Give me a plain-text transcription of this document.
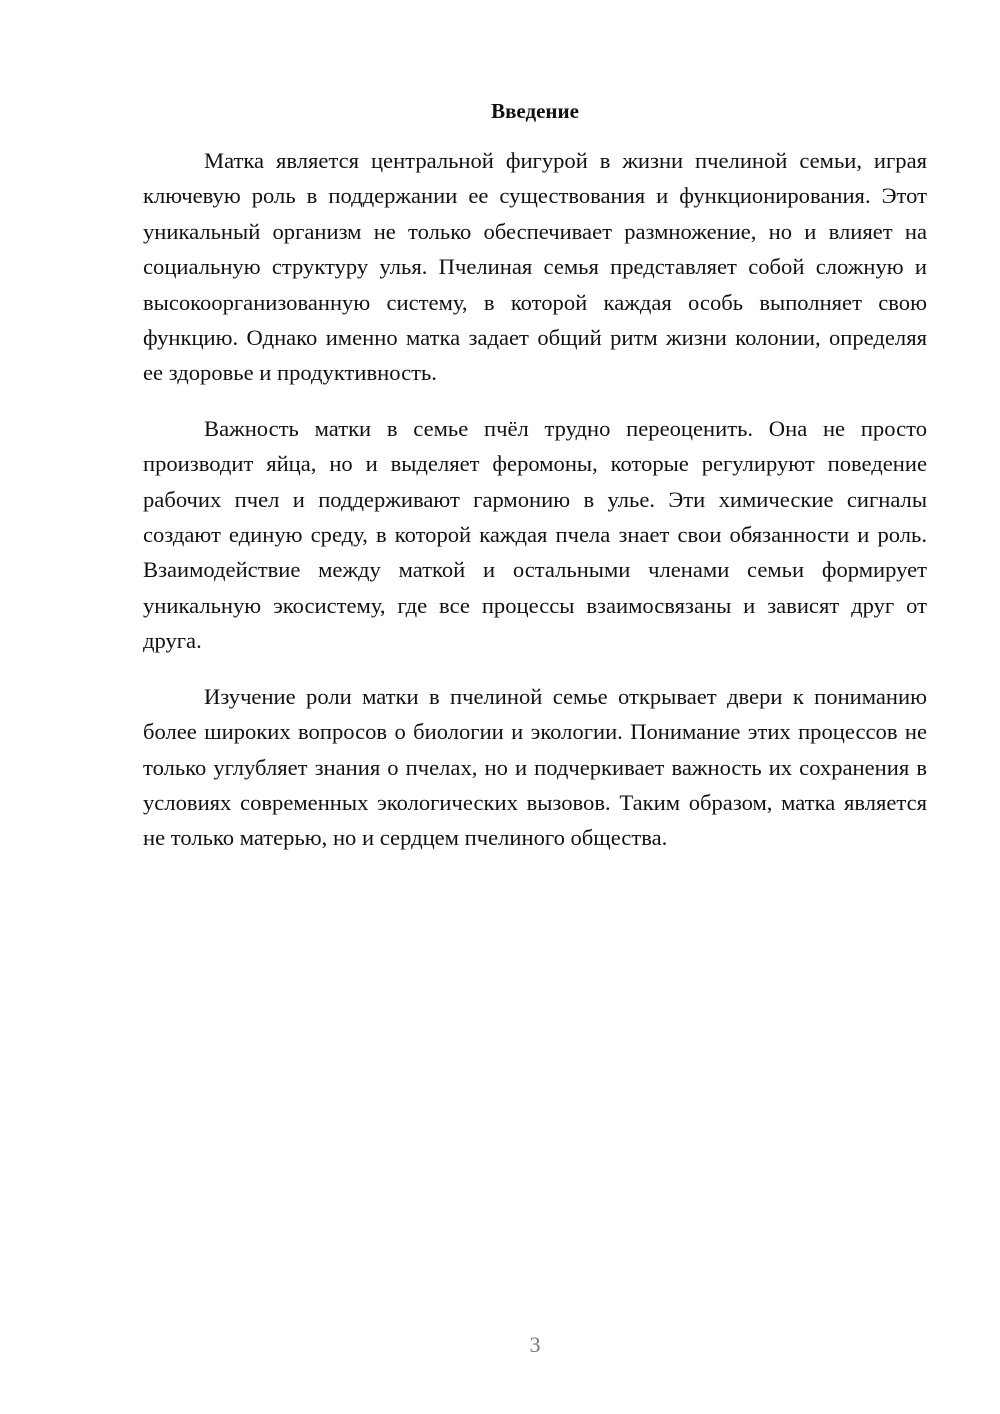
Введение

Матка является центральной фигурой в жизни пчелиной семьи, играя ключевую роль в поддержании ее существования и функционирования. Этот уникальный организм не только обеспечивает размножение, но и влияет на социальную структуру улья. Пчелиная семья представляет собой сложную и высокоорганизованную систему, в которой каждая особь выполняет свою функцию. Однако именно матка задает общий ритм жизни колонии, определяя ее здоровье и продуктивность.

Важность матки в семье пчёл трудно переоценить. Она не просто производит яйца, но и выделяет феромоны, которые регулируют поведение рабочих пчел и поддерживают гармонию в улье. Эти химические сигналы создают единую среду, в которой каждая пчела знает свои обязанности и роль. Взаимодействие между маткой и остальными членами семьи формирует уникальную экосистему, где все процессы взаимосвязаны и зависят друг от друга.

Изучение роли матки в пчелиной семье открывает двери к пониманию более широких вопросов о биологии и экологии. Понимание этих процессов не только углубляет знания о пчелах, но и подчеркивает важность их сохранения в условиях современных экологических вызовов. Таким образом, матка является не только матерью, но и сердцем пчелиного общества.

3
